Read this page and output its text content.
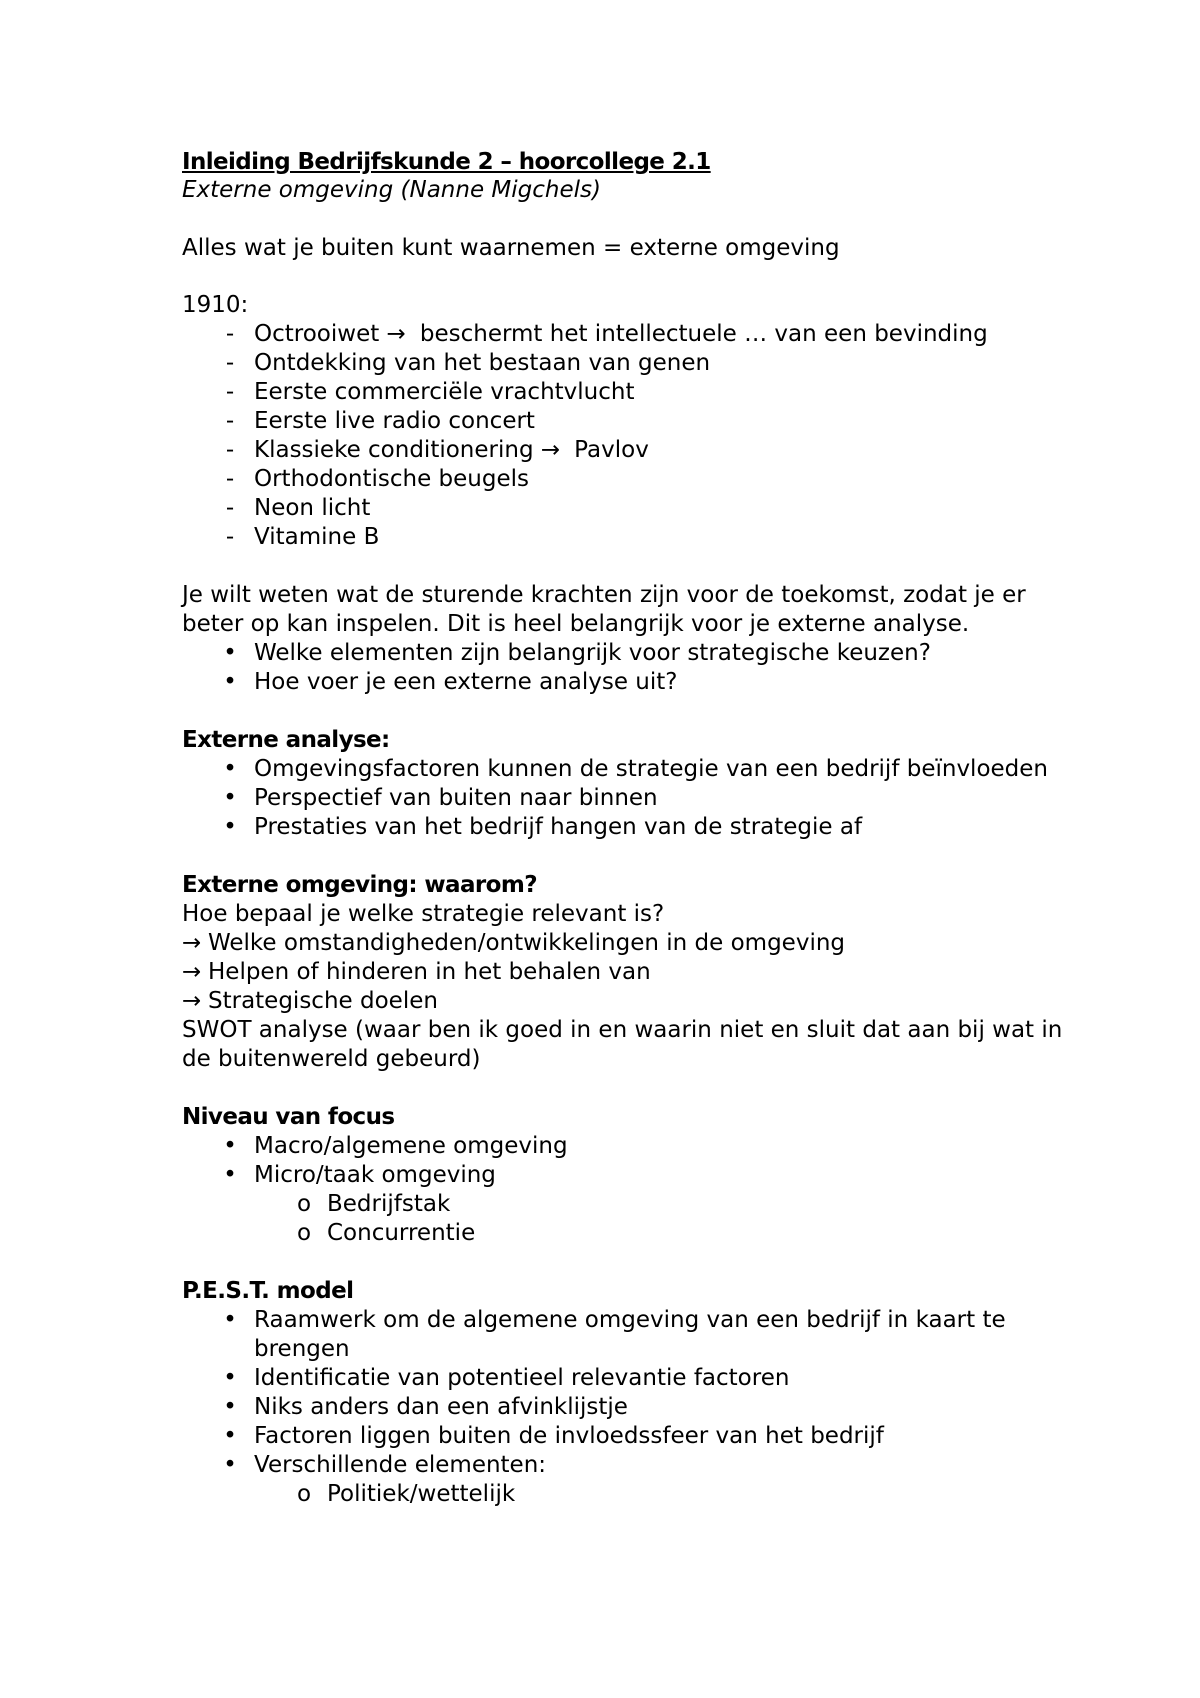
Inleiding Bedrijfskunde 2 – hoorcollege 2.1
Externe omgeving (Nanne Migchels)
Alles wat je buiten kunt waarnemen = externe omgeving
1910:
- Octrooiwet → beschermt het intellectuele … van een bevinding
- Ontdekking van het bestaan van genen
- Eerste commerciële vrachtvlucht
- Eerste live radio concert
- Klassieke conditionering → Pavlov
- Orthodontische beugels
- Neon licht
- Vitamine B
Je wilt weten wat de sturende krachten zijn voor de toekomst, zodat je er
beter op kan inspelen. Dit is heel belangrijk voor je externe analyse.
• Welke elementen zijn belangrijk voor strategische keuzen?
• Hoe voer je een externe analyse uit?
Externe analyse:
• Omgevingsfactoren kunnen de strategie van een bedrijf beïnvloeden
• Perspectief van buiten naar binnen
• Prestaties van het bedrijf hangen van de strategie af
Externe omgeving: waarom?
Hoe bepaal je welke strategie relevant is?
→ Welke omstandigheden/ontwikkelingen in de omgeving
→ Helpen of hinderen in het behalen van
→ Strategische doelen
SWOT analyse (waar ben ik goed in en waarin niet en sluit dat aan bij wat in
de buitenwereld gebeurd)
Niveau van focus
• Macro/algemene omgeving
• Micro/taak omgeving
o Bedrijfstak
o Concurrentie
P.E.S.T. model
• Raamwerk om de algemene omgeving van een bedrijf in kaart te
brengen
• Identificatie van potentieel relevantie factoren
• Niks anders dan een afvinklijstje
• Factoren liggen buiten de invloedssfeer van het bedrijf
• Verschillende elementen:
o Politiek/wettelijk
